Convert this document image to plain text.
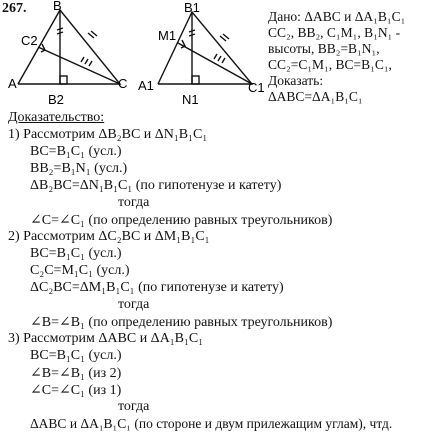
267. B
A	C
C2
B2
B1
A1	C1
M1
N1
Дано: ΔABC и ΔA₁B₁C₁
CC₂, BB₂, C₁M₁, B₁N₁ -
высоты, BB₂=B₁N₁,
CC₂=C₁M₁, BC=B₁C₁,
Доказать:
ΔABC=ΔA₁B₁C₁
Доказательство:
1) Рассмотрим ΔB₂BC и ΔN₁B₁C₁
BC=B₁C₁ (усл.)
BB₂=B₁N₁ (усл.)
ΔB₂BC=ΔN₁B₁C₁ (по гипотенузе и катету)
тогда
∠C=∠C₁ (по определению равных треугольников)
2) Рассмотрим ΔC₂BC и ΔM₁B₁C₁
BC=B₁C₁ (усл.)
C₂C=M₁C₁ (усл.)
ΔC₂BC=ΔM₁B₁C₁ (по гипотенузе и катету)
тогда
∠B=∠B₁ (по определению равных треугольников)
3) Рассмотрим ΔABC и ΔA₁B₁C₁
BC=B₁C₁ (усл.)
∠B=∠B₁ (из 2)
∠C=∠C₁ (из 1)
тогда
ΔABC и ΔA₁B₁C₁ (по стороне и двум прилежащим углам), чтд.
